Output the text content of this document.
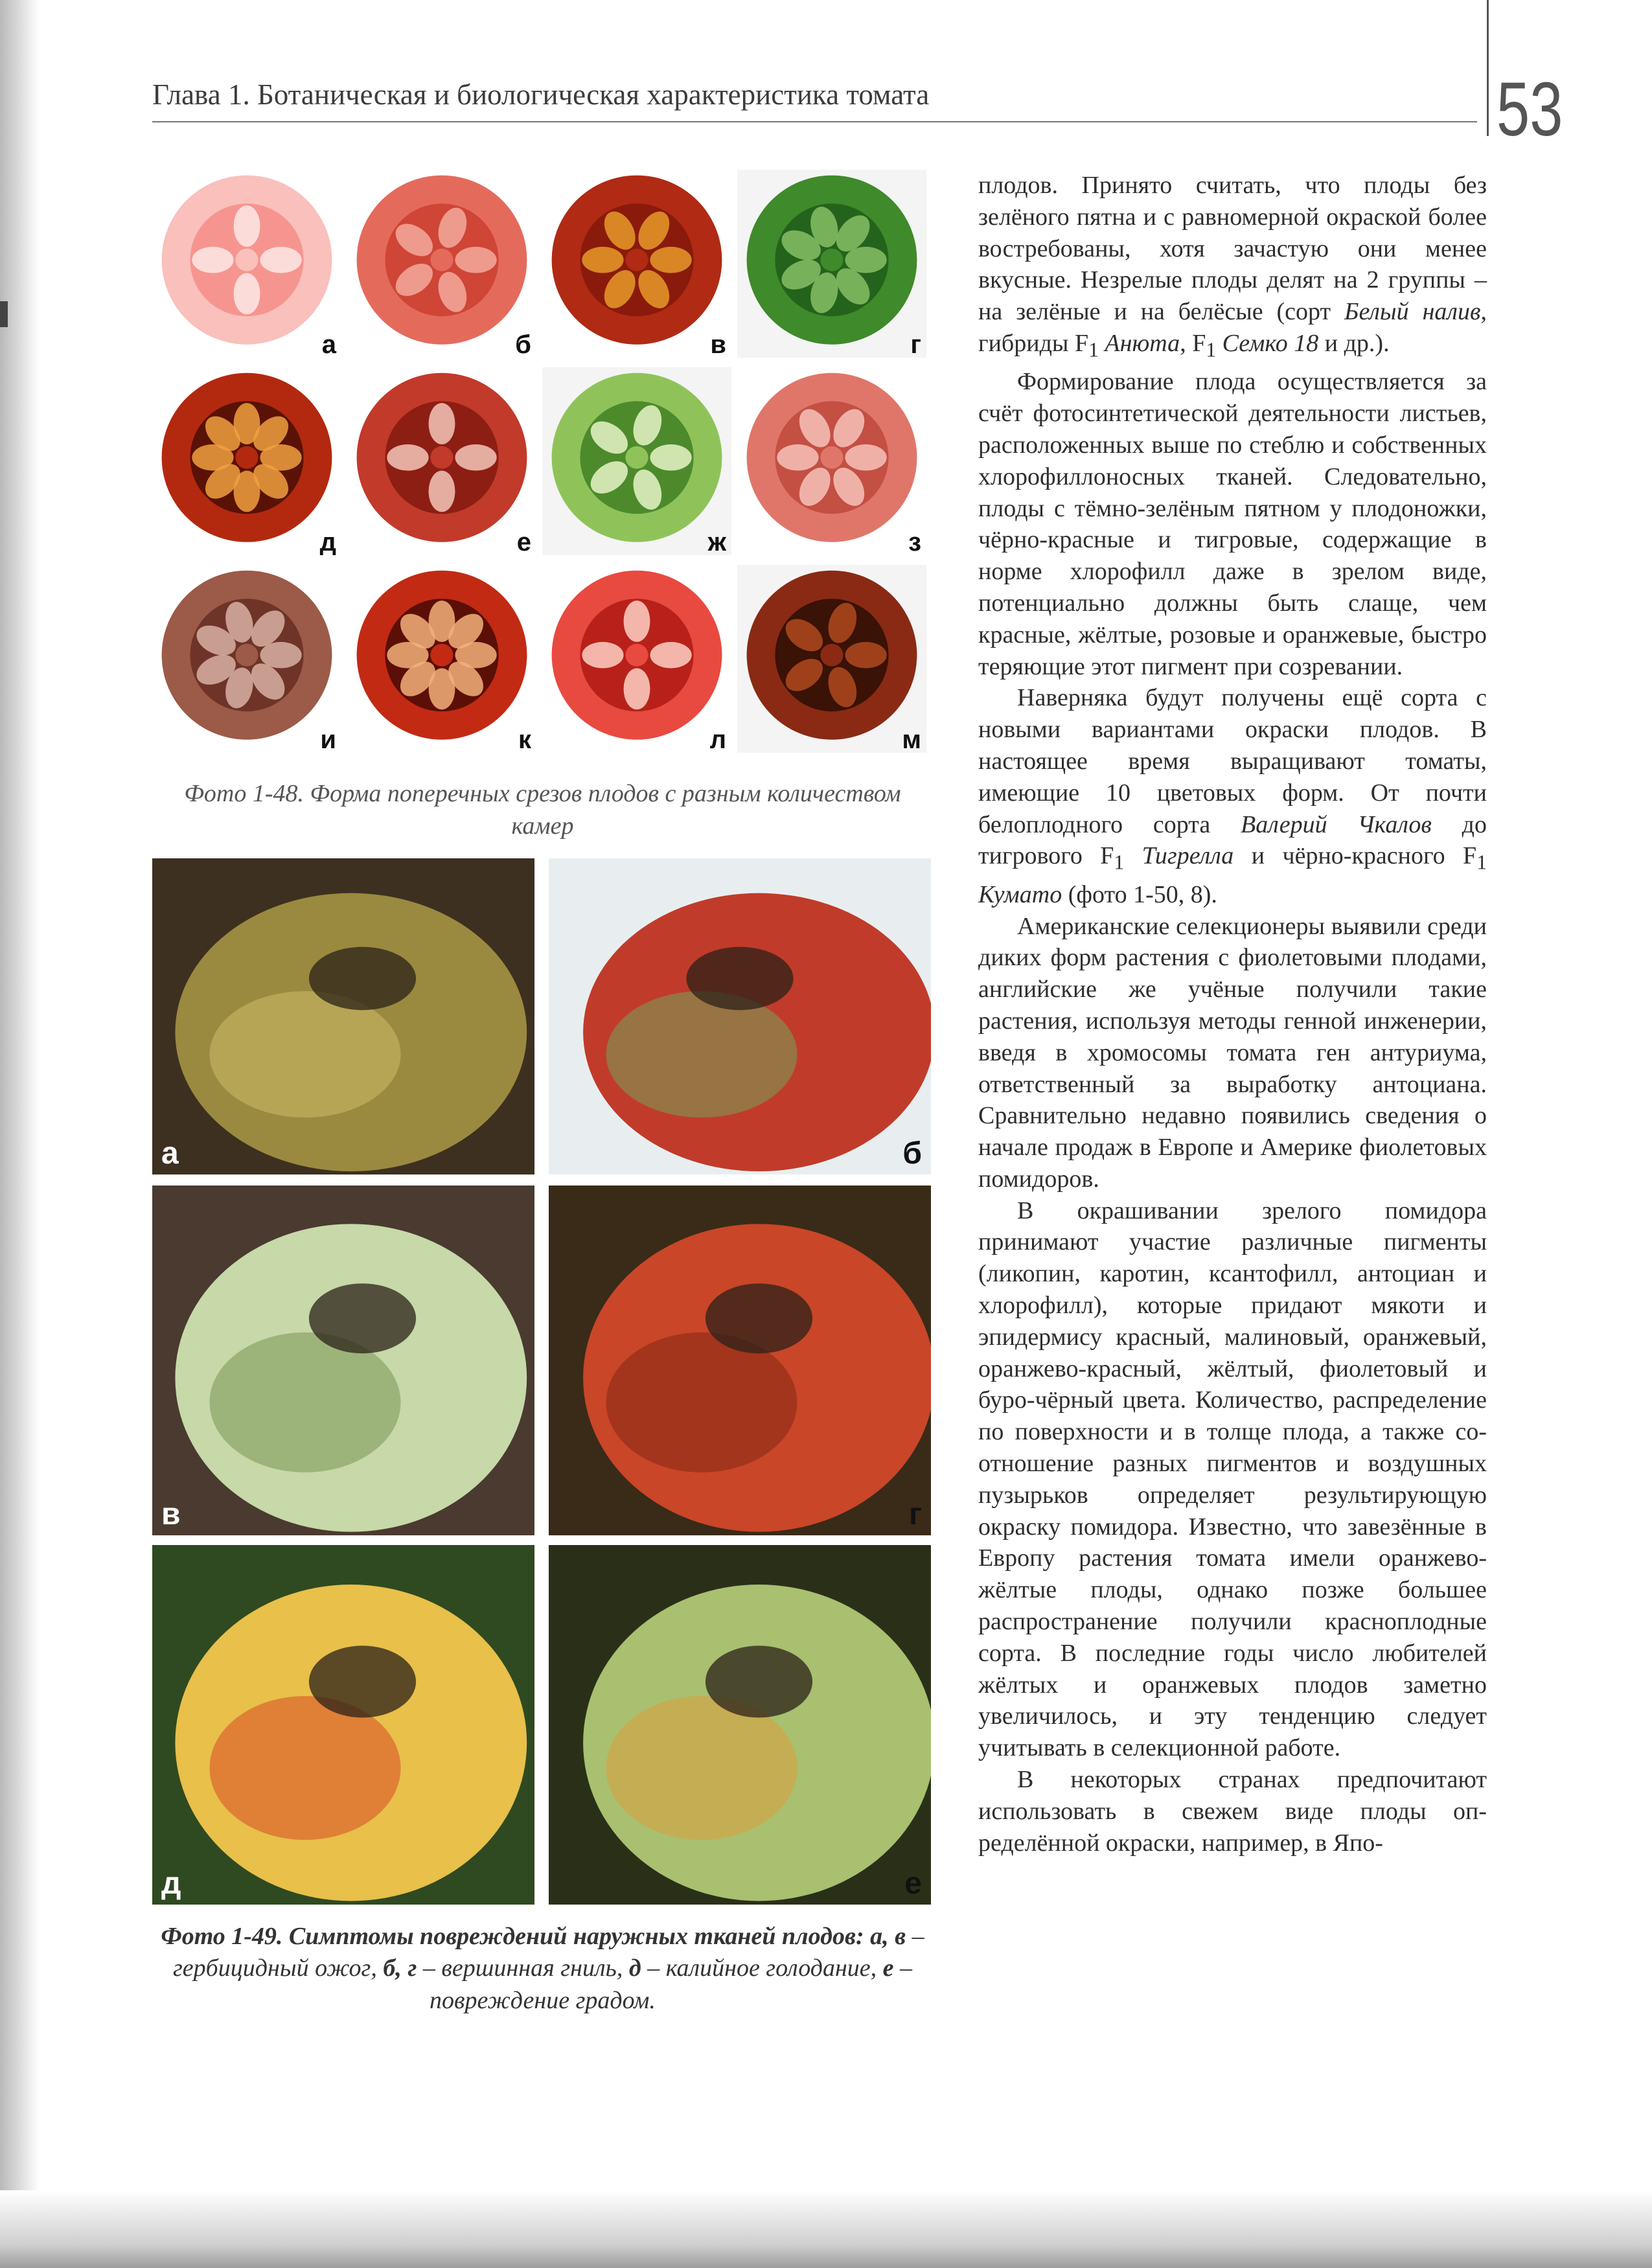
Глава 1. Ботаническая и биологическая характеристика томата	53
а	б	в	г
д	е	ж	з
и	к	л	м
Фото 1-48. Форма поперечных срезов плодов с разным количеством камер
а	б
в	г
д	е
Фото 1-49. Симптомы повреждений наружных тканей плодов: а, в – гербицидный ожог, б, г – вершинная гниль, д – калийное голодание, е – повреждение градом.

плодов. Принято считать, что плоды без зелёного пятна и с равномерной окраской более востребованы, хотя зачастую они менее вкусные. Незрелые плоды делят на 2 группы – на зелёные и на белёсые (сорт Белый налив, гибриды $F_1$ Анюта, $F_1$ Семко 18 и др.).

Формирование плода осуществляется за счёт фотосинтетической деятельности листьев, расположенных выше по стеблю и собственных хлорофиллоносных тканей. Следовательно, плоды с тёмно-зелёным пятном у плодоножки, чёрно-красные и тигровые, содержащие в норме хлорофилл даже в зрелом виде, потенциально должны быть слаще, чем красные, жёлтые, розовые и оранжевые, быстро теряющие этот пигмент при созревании.

Наверняка будут получены ещё сорта с новыми вариантами окраски плодов. В настоящее время выращивают томаты, имеющие 10 цветовых форм. От почти белоплодного сорта Валерий Чкалов до тигрового $F_1$ Тигрелла и чёрно-красного $F_1$ Кумато (фото 1-50, 8).

Американские селекционеры выявили среди диких форм растения с фиолетовыми плодами, английские же учёные получили такие растения, используя методы генной инженерии, введя в хромосомы томата ген антуриума, ответственный за выработку антоциана. Сравнительно недавно появились сведения о начале продаж в Европе и Америке фиолетовых помидоров.

В окрашивании зрелого помидора принимают участие различные пигменты (ликопин, каротин, ксантофилл, антоциан и хлорофилл), которые придают мякоти и эпидермису красный, малиновый, оранжевый, оранжево-красный, жёлтый, фиолетовый и буро-чёрный цвета. Количество, распределение по поверхности и в толще плода, а также соотношение разных пигментов и воздушных пузырьков определяет результирующую окраску помидора. Известно, что завезённые в Европу растения томата имели оранжево-жёлтые плоды, однако позже большее распространение получили красноплодные сорта. В последние годы число любителей жёлтых и оранжевых плодов заметно увеличилось, и эту тенденцию следует учитывать в селекционной работе.

В некоторых странах предпочитают использовать в свежем виде плоды определённой окраски, например, в Япо-
